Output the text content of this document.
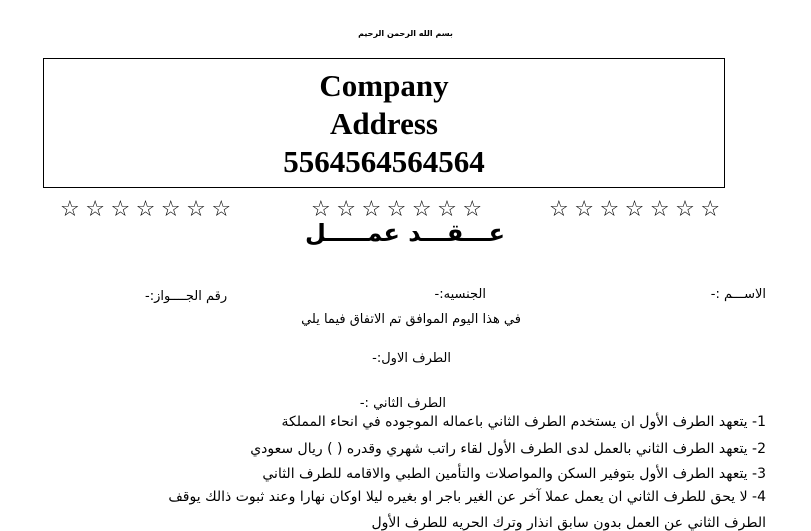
بسم الله الرحمن الرحيم
Company
Address
5564564564564
☆☆☆☆☆☆☆	☆☆☆☆☆☆☆	☆☆☆☆☆☆☆
عـــقـــد عمـــــل
الاســـم :-
الجنسيه:-
رقم الجــــواز:-
في هذا اليوم الموافق تم الاتفاق فيما يلي
الطرف الاول:-
الطرف الثاني :-
1- يتعهد الطرف الأول ان يستخدم الطرف الثاني باعماله الموجوده في انحاء المملكة
2- يتعهد الطرف الثاني بالعمل لدى الطرف الأول لقاء راتب شهري وقدره ( ) ريال سعودي
3- يتعهد الطرف الأول بتوفير السكن والمواصلات والتأمين الطبي والاقامه للطرف الثاني
4- لا يحق للطرف الثاني ان يعمل عملا آخر عن الغير باجر او بغيره ليلا اوكان نهارا وعند ثبوت ذالك يوقف
الطرف الثاني عن العمل بدون سابق انذار وترك الحريه للطرف الأول
